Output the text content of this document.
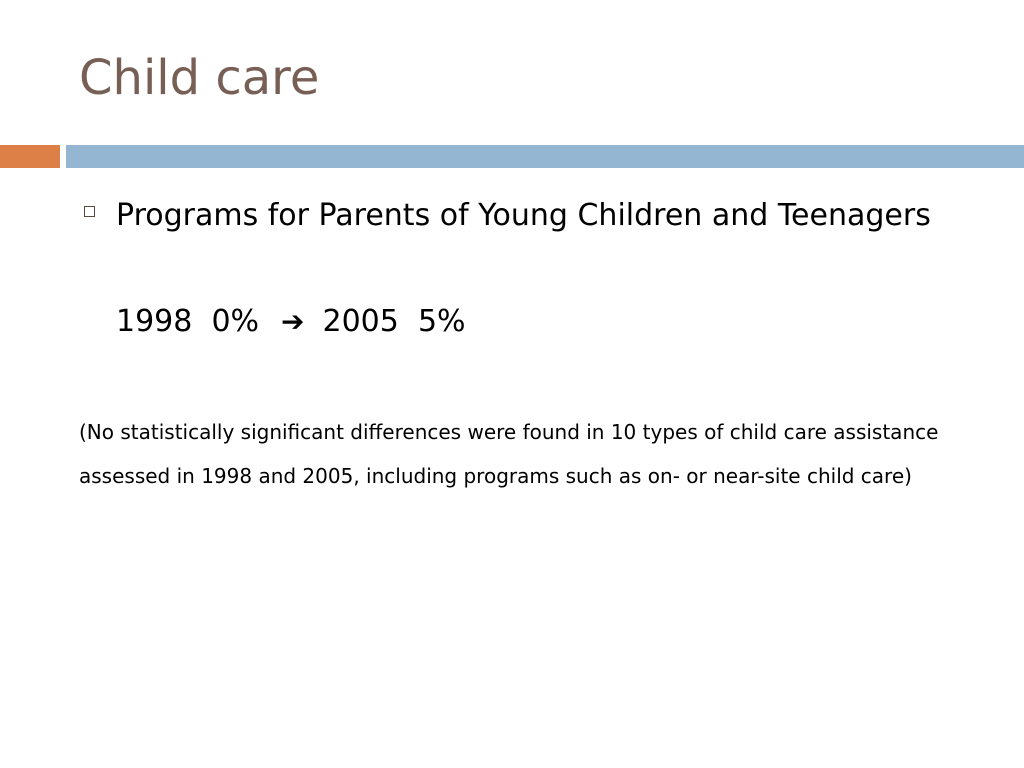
Child care
Programs for Parents of Young Children and Teenagers
1998 0% ➔ 2005 5%
(No statistically significant differences were found in 10 types of child care assistance assessed in 1998 and 2005, including programs such as on- or near-site child care)
